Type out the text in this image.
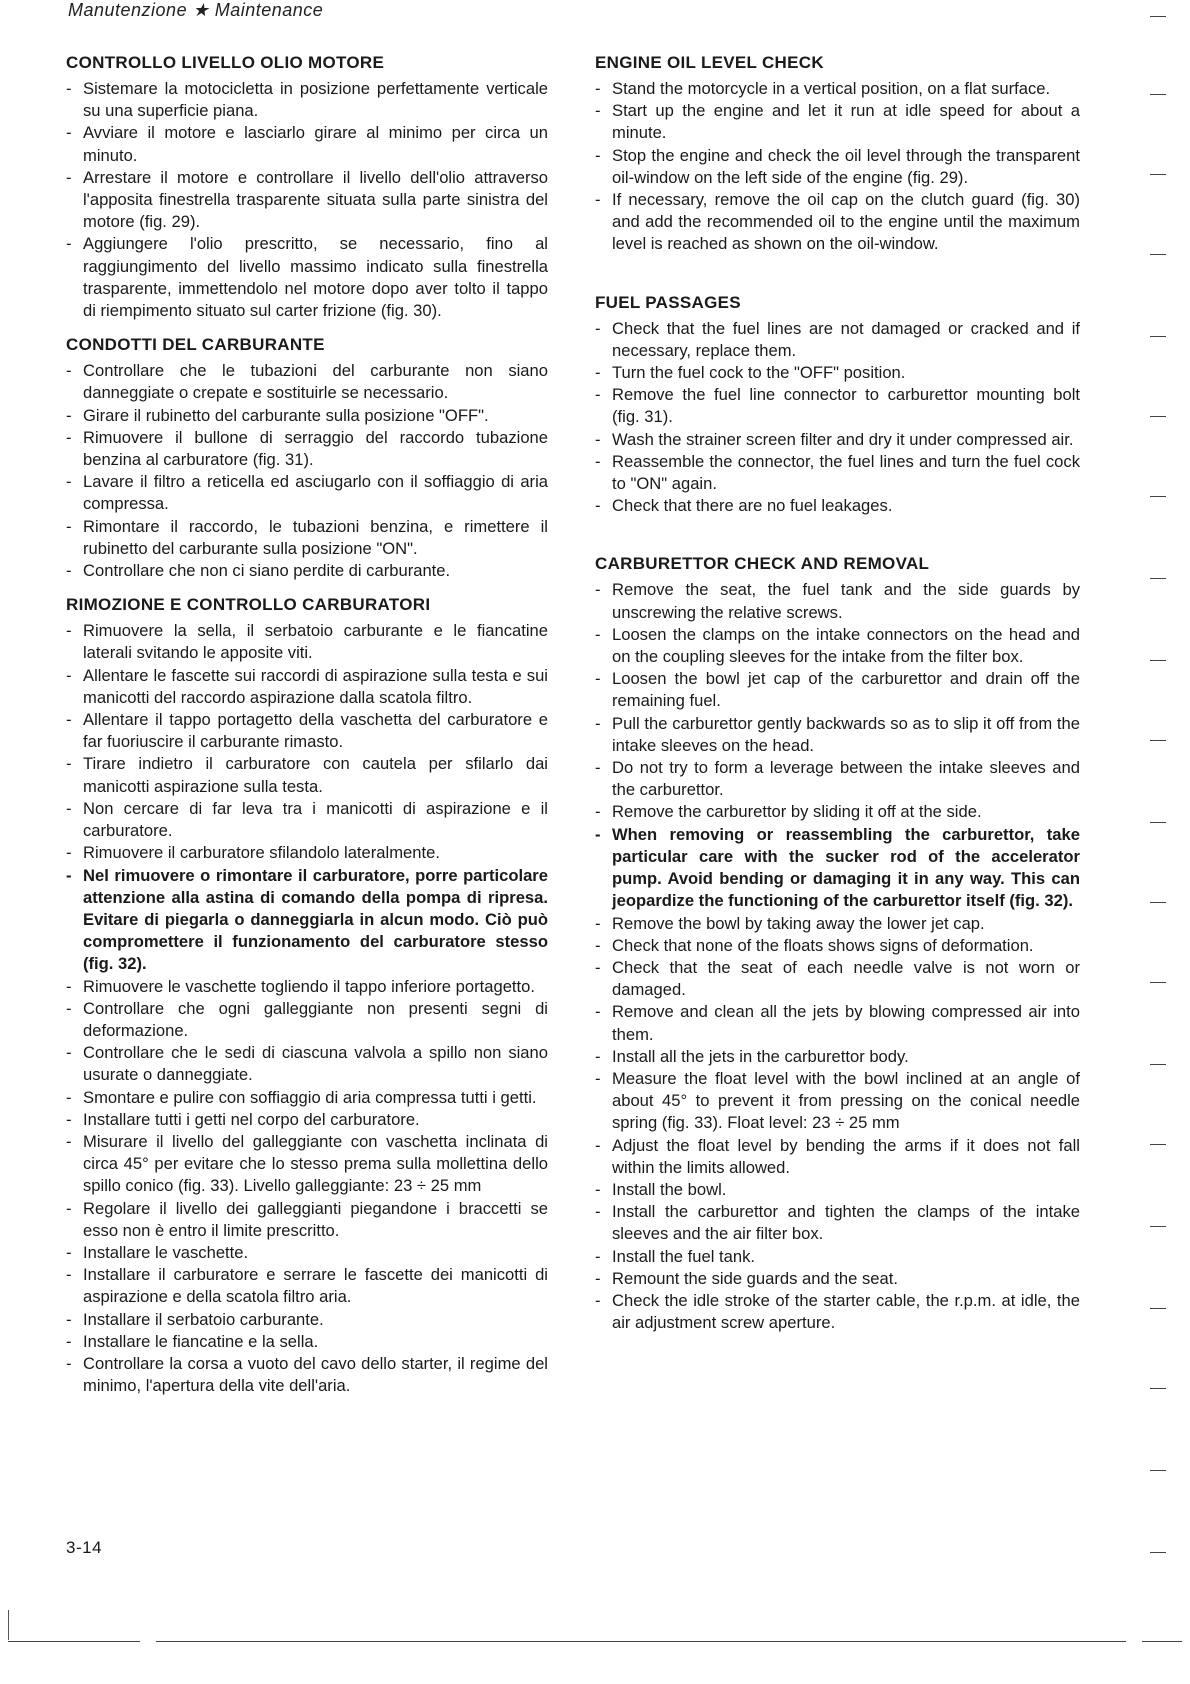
Manutenzione ★ Maintenance
CONTROLLO LIVELLO OLIO MOTORE
- Sistemare la motocicletta in posizione perfettamente verticale su una superficie piana.
- Avviare il motore e lasciarlo girare al minimo per circa un minuto.
- Arrestare il motore e controllare il livello dell'olio attraverso l'apposita finestrella trasparente situata sulla parte sinistra del motore (fig. 29).
- Aggiungere l'olio prescritto, se necessario, fino al raggiungimento del livello massimo indicato sulla finestrella trasparente, immettendolo nel motore dopo aver tolto il tappo di riempimento situato sul carter frizione (fig. 30).
CONDOTTI DEL CARBURANTE
- Controllare che le tubazioni del carburante non siano danneggiate o crepate e sostituirle se necessario.
- Girare il rubinetto del carburante sulla posizione "OFF".
- Rimuovere il bullone di serraggio del raccordo tubazione benzina al carburatore (fig. 31).
- Lavare il filtro a reticella ed asciugarlo con il soffiaggio di aria compressa.
- Rimontare il raccordo, le tubazioni benzina, e rimettere il rubinetto del carburante sulla posizione "ON".
- Controllare che non ci siano perdite di carburante.
RIMOZIONE E CONTROLLO CARBURATORI
- Rimuovere la sella, il serbatoio carburante e le fiancatine laterali svitando le apposite viti.
- Allentare le fascette sui raccordi di aspirazione sulla testa e sui manicotti del raccordo aspirazione dalla scatola filtro.
- Allentare il tappo portagetto della vaschetta del carburatore e far fuoriuscire il carburante rimasto.
- Tirare indietro il carburatore con cautela per sfilarlo dai manicotti aspirazione sulla testa.
- Non cercare di far leva tra i manicotti di aspirazione e il carburatore.
- Rimuovere il carburatore sfilandolo lateralmente.
- Nel rimuovere o rimontare il carburatore, porre particolare attenzione alla astina di comando della pompa di ripresa. Evitare di piegarla o danneggiarla in alcun modo. Ciò può compromettere il funzionamento del carburatore stesso (fig. 32).
- Rimuovere le vaschette togliendo il tappo inferiore portagetto.
- Controllare che ogni galleggiante non presenti segni di deformazione.
- Controllare che le sedi di ciascuna valvola a spillo non siano usurate o danneggiate.
- Smontare e pulire con soffiaggio di aria compressa tutti i getti.
- Installare tutti i getti nel corpo del carburatore.
- Misurare il livello del galleggiante con vaschetta inclinata di circa 45° per evitare che lo stesso prema sulla mollettina dello spillo conico (fig. 33). Livello galleggiante: 23 ÷ 25 mm
- Regolare il livello dei galleggianti piegandone i braccetti se esso non è entro il limite prescritto.
- Installare le vaschette.
- Installare il carburatore e serrare le fascette dei manicotti di aspirazione e della scatola filtro aria.
- Installare il serbatoio carburante.
- Installare le fiancatine e la sella.
- Controllare la corsa a vuoto del cavo dello starter, il regime del minimo, l'apertura della vite dell'aria.
ENGINE OIL LEVEL CHECK
- Stand the motorcycle in a vertical position, on a flat surface.
- Start up the engine and let it run at idle speed for about a minute.
- Stop the engine and check the oil level through the transparent oil-window on the left side of the engine (fig. 29).
- If necessary, remove the oil cap on the clutch guard (fig. 30) and add the recommended oil to the engine until the maximum level is reached as shown on the oil-window.
FUEL PASSAGES
- Check that the fuel lines are not damaged or cracked and if necessary, replace them.
- Turn the fuel cock to the "OFF" position.
- Remove the fuel line connector to carburettor mounting bolt (fig. 31).
- Wash the strainer screen filter and dry it under compressed air.
- Reassemble the connector, the fuel lines and turn the fuel cock to "ON" again.
- Check that there are no fuel leakages.
CARBURETTOR CHECK AND REMOVAL
- Remove the seat, the fuel tank and the side guards by unscrewing the relative screws.
- Loosen the clamps on the intake connectors on the head and on the coupling sleeves for the intake from the filter box.
- Loosen the bowl jet cap of the carburettor and drain off the remaining fuel.
- Pull the carburettor gently backwards so as to slip it off from the intake sleeves on the head.
- Do not try to form a leverage between the intake sleeves and the carburettor.
- Remove the carburettor by sliding it off at the side.
- When removing or reassembling the carburettor, take particular care with the sucker rod of the accelerator pump. Avoid bending or damaging it in any way. This can jeopardize the functioning of the carburettor itself (fig. 32).
- Remove the bowl by taking away the lower jet cap.
- Check that none of the floats shows signs of deformation.
- Check that the seat of each needle valve is not worn or damaged.
- Remove and clean all the jets by blowing compressed air into them.
- Install all the jets in the carburettor body.
- Measure the float level with the bowl inclined at an angle of about 45° to prevent it from pressing on the conical needle spring (fig. 33). Float level: 23 ÷ 25 mm
- Adjust the float level by bending the arms if it does not fall within the limits allowed.
- Install the bowl.
- Install the carburettor and tighten the clamps of the intake sleeves and the air filter box.
- Install the fuel tank.
- Remount the side guards and the seat.
- Check the idle stroke of the starter cable, the r.p.m. at idle, the air adjustment screw aperture.
3-14
